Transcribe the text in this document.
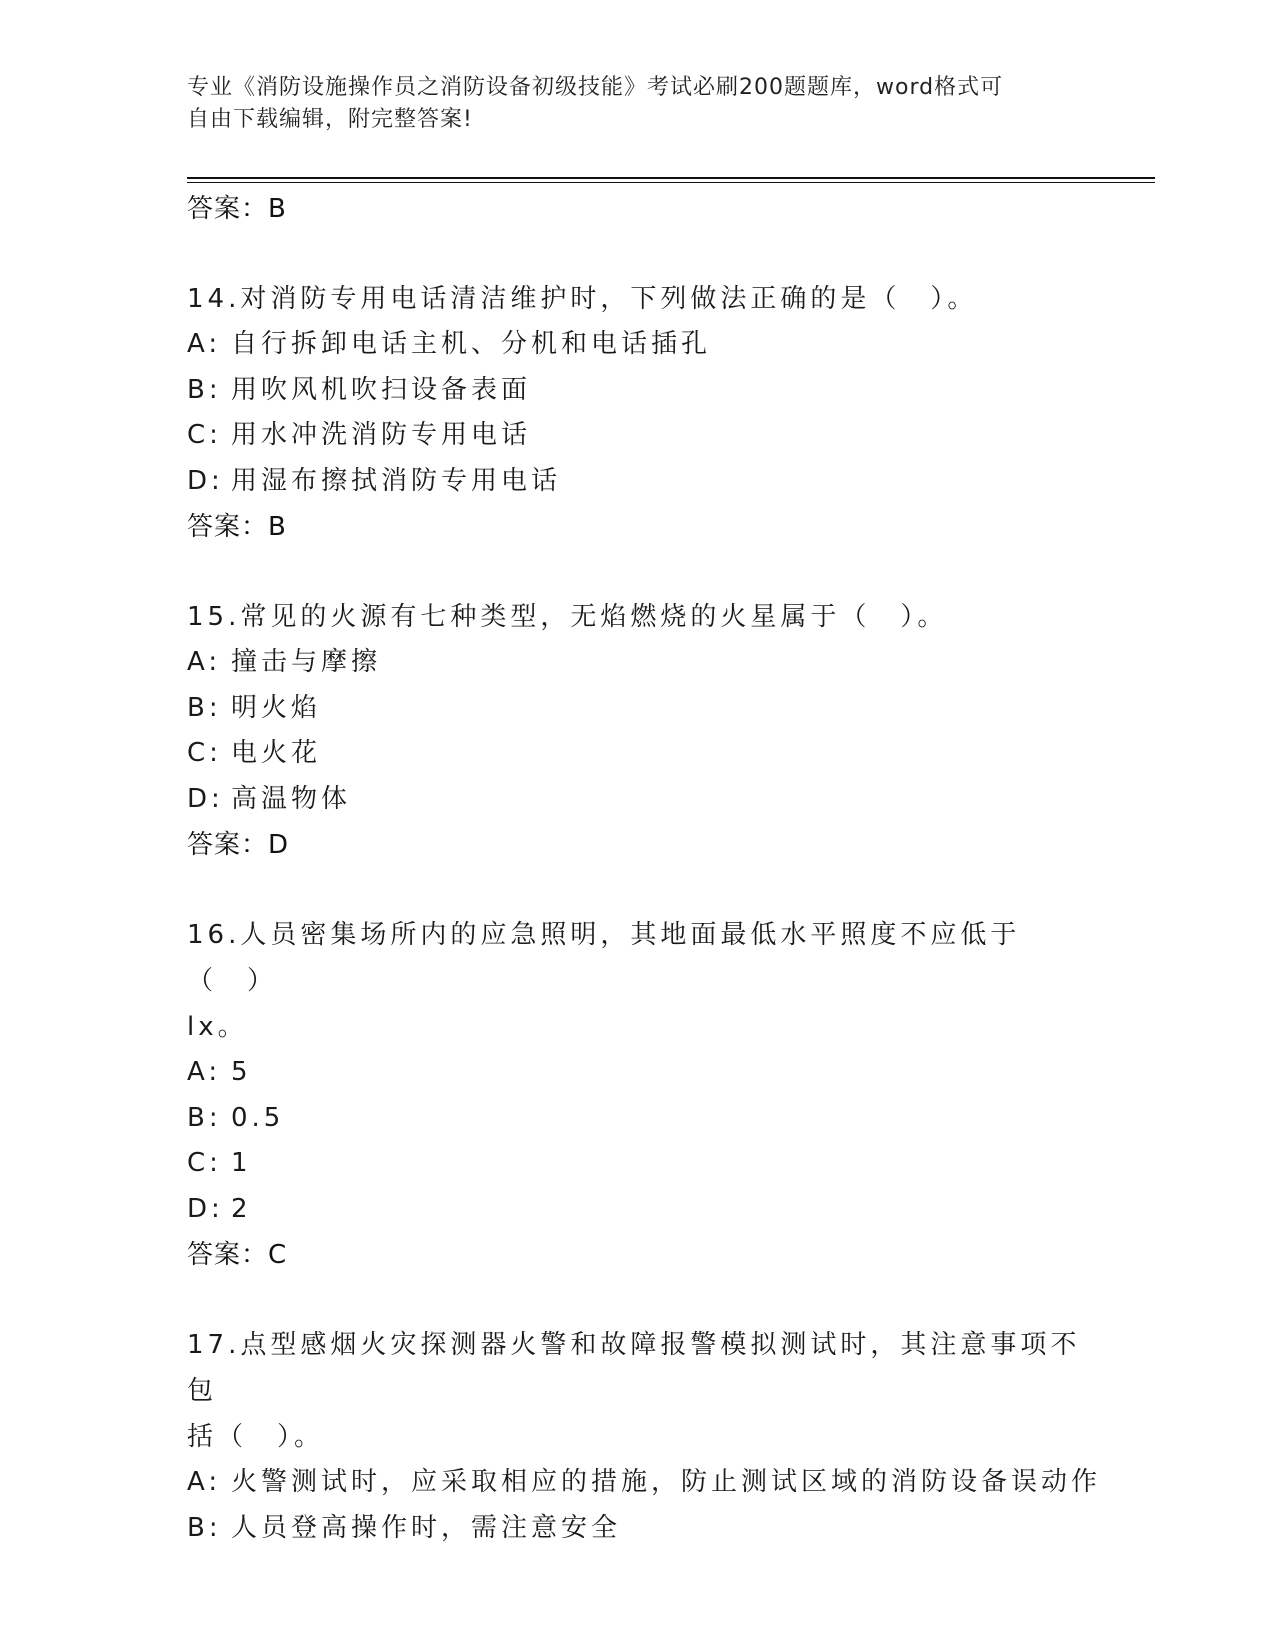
专业《消防设施操作员之消防设备初级技能》考试必刷200题题库，word格式可
自由下载编辑，附完整答案!
答案：B
14.对消防专用电话清洁维护时，下列做法正确的是（　）。
A: 自行拆卸电话主机、分机和电话插孔
B: 用吹风机吹扫设备表面
C: 用水冲洗消防专用电话
D: 用湿布擦拭消防专用电话
答案：B
15.常见的火源有七种类型，无焰燃烧的火星属于（　）。
A: 撞击与摩擦
B: 明火焰
C: 电火花
D: 高温物体
答案：D
16.人员密集场所内的应急照明，其地面最低水平照度不应低于（　）
lx。
A: 5
B: 0.5
C: 1
D: 2
答案：C
17.点型感烟火灾探测器火警和故障报警模拟测试时，其注意事项不包
括（　）。
A: 火警测试时，应采取相应的措施，防止测试区域的消防设备误动作
B: 人员登高操作时，需注意安全
